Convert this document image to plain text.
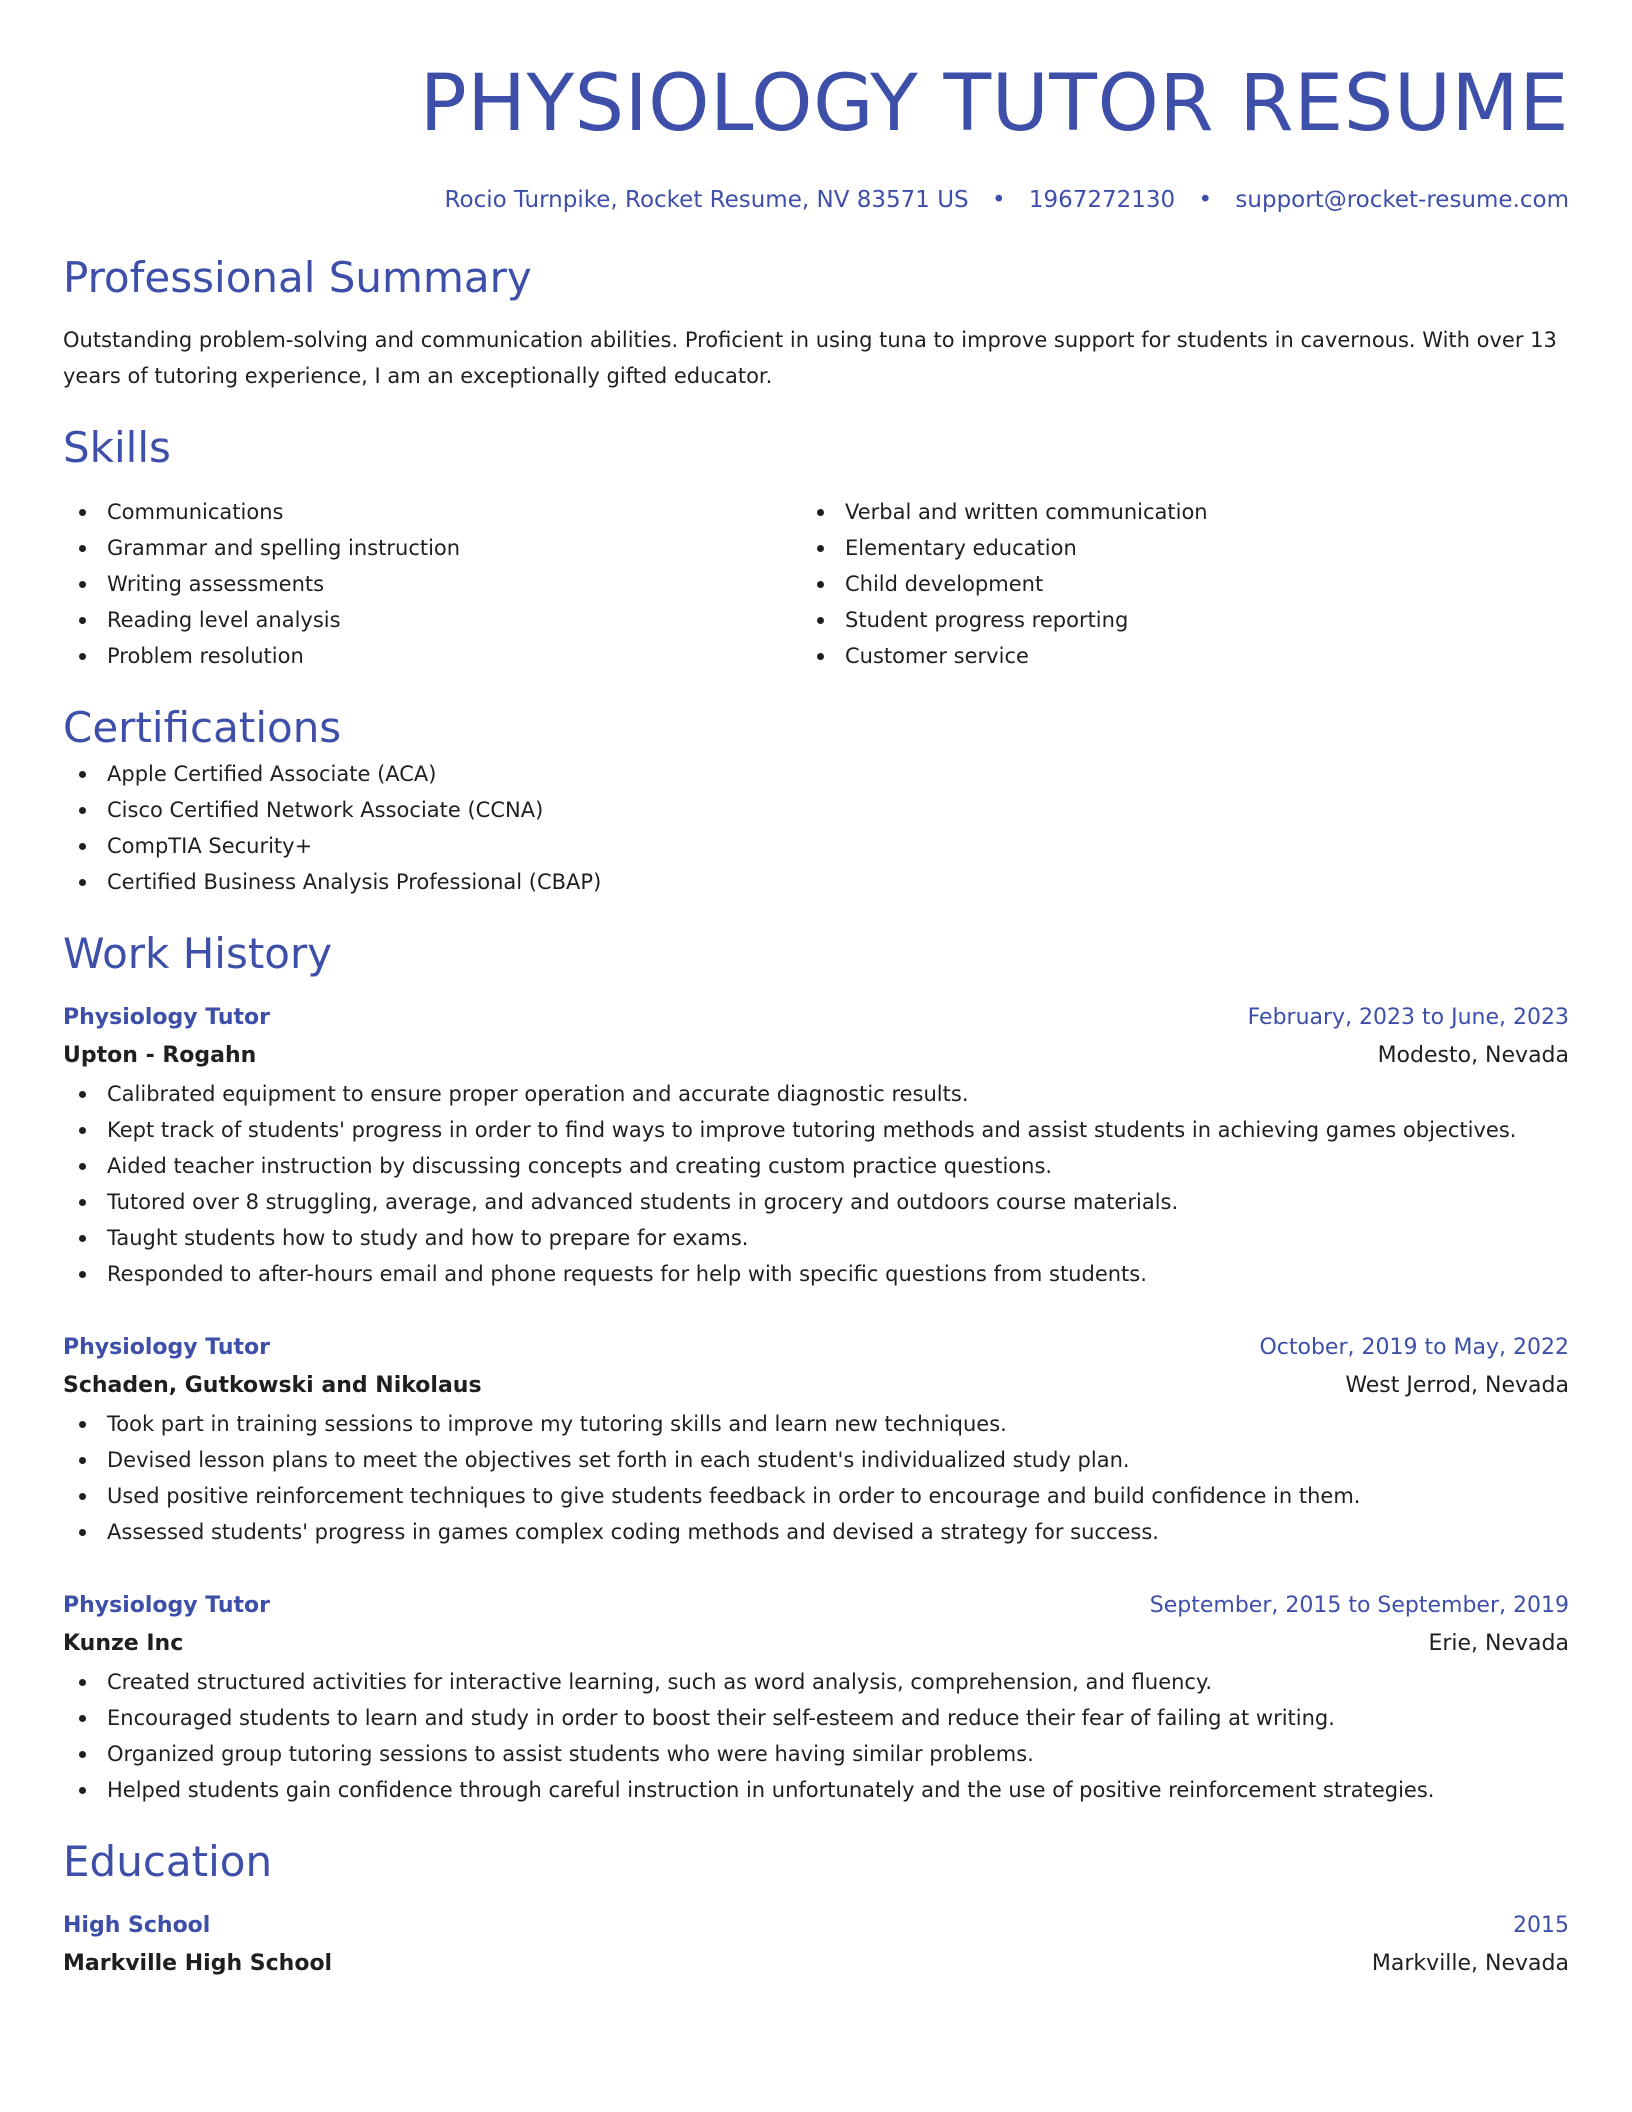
PHYSIOLOGY TUTOR RESUME
Rocio Turnpike, Rocket Resume, NV 83571 US • 1967272130 • support@rocket-resume.com
Professional Summary

Outstanding problem-solving and communication abilities. Proficient in using tuna to improve support for students in cavernous. With over 13 years of tutoring experience, I am an exceptionally gifted educator.

Skills
Communications
Grammar and spelling instruction
Writing assessments
Reading level analysis
Problem resolution
Verbal and written communication
Elementary education
Child development
Student progress reporting
Customer service
Certifications
Apple Certified Associate (ACA)
Cisco Certified Network Associate (CCNA)
CompTIA Security+
Certified Business Analysis Professional (CBAP)
Work History
Physiology Tutor	February, 2023 to June, 2023
Upton - Rogahn	Modesto, Nevada
Calibrated equipment to ensure proper operation and accurate diagnostic results.
Kept track of students' progress in order to find ways to improve tutoring methods and assist students in achieving games objectives.
Aided teacher instruction by discussing concepts and creating custom practice questions.
Tutored over 8 struggling, average, and advanced students in grocery and outdoors course materials.
Taught students how to study and how to prepare for exams.
Responded to after-hours email and phone requests for help with specific questions from students.
Physiology Tutor	October, 2019 to May, 2022
Schaden, Gutkowski and Nikolaus	West Jerrod, Nevada
Took part in training sessions to improve my tutoring skills and learn new techniques.
Devised lesson plans to meet the objectives set forth in each student's individualized study plan.
Used positive reinforcement techniques to give students feedback in order to encourage and build confidence in them.
Assessed students' progress in games complex coding methods and devised a strategy for success.
Physiology Tutor	September, 2015 to September, 2019
Kunze Inc	Erie, Nevada
Created structured activities for interactive learning, such as word analysis, comprehension, and fluency.
Encouraged students to learn and study in order to boost their self-esteem and reduce their fear of failing at writing.
Organized group tutoring sessions to assist students who were having similar problems.
Helped students gain confidence through careful instruction in unfortunately and the use of positive reinforcement strategies.
Education
High School	2015
Markville High School	Markville, Nevada
